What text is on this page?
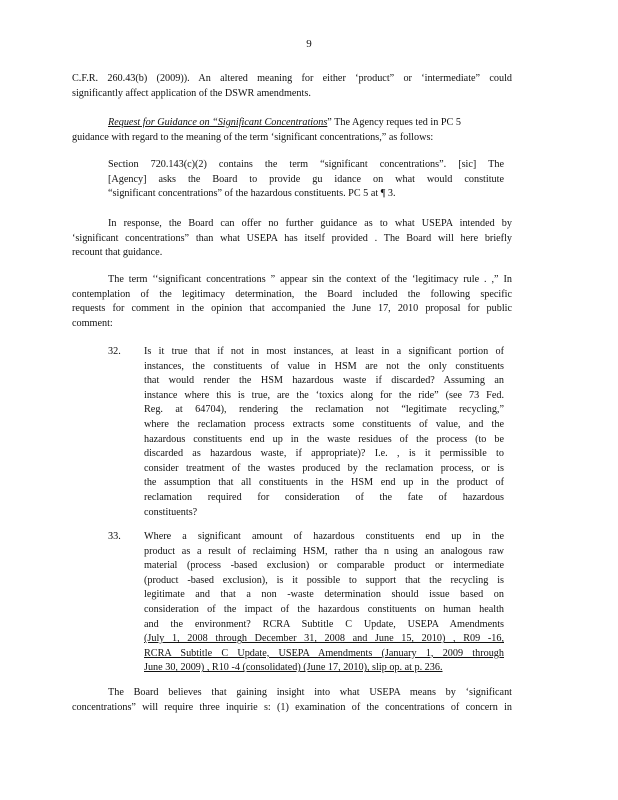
9
C.F.R. 260.43(b) (2009)). An altered meaning for either ‘product” or ‘intermediate” could
significantly affect application of the DSWR amendments.
Request for Guidance on “Significant Concentrations” The Agency reques ted in PC 5
guidance with regard to the meaning of the term ‘significant concentrations,” as follows:
Section 720.143(c)(2) contains the term “significant concentrations”. [sic] The
[Agency] asks the Board to provide gu idance on what would constitute
“significant concentrations” of the hazardous constituents. PC 5 at ¶ 3.
In response, the Board can offer no further guidance as to what USEPA intended by
‘significant concentrations” than what USEPA has itself provided . The Board will here briefly
recount that guidance.
The term ‘‘significant concentrations ” appear sin the context of the ‘legitimacy rule . ,” In
contemplation of the legitimacy determination, the Board included the following specific
requests for comment in the opinion that accompanied the June 17, 2010 proposal for public
comment:
32.	Is it true that if not in most instances, at least in a significant portion of
instances, the constituents of value in HSM are not the only constituents
that would render the HSM hazardous waste if discarded? Assuming an
instance where this is true, are the ‘toxics along for the ride” (see 73 Fed.
Reg. at 64704), rendering the reclamation not “legitimate recycling,”
where the reclamation process extracts some constituents of value, and the
hazardous constituents end up in the waste residues of the process (to be
discarded as hazardous waste, if appropriate)? I.e. , is it permissible to
consider treatment of the wastes produced by the reclamation process, or is
the assumption that all constituents in the HSM end up in the product of
reclamation required for consideration of the fate of hazardous
constituents?
33.	Where a significant amount of hazardous constituents end up in the
product as a result of reclaiming HSM, rather tha n using an analogous raw
material (process -based exclusion) or comparable product or intermediate
(product -based exclusion), is it possible to support that the recycling is
legitimate and that a non -waste determination should issue based on
consideration of the impact of the hazardous constituents on human health
and the environment? RCRA Subtitle C Update, USEPA Amendments
(July 1, 2008 through December 31, 2008 and June 15, 2010) , R09 -16,
RCRA Subtitle C Update, USEPA Amendments (January 1, 2009 through
June 30, 2009) , R10 -4 (consolidated) (June 17, 2010), slip op. at p. 236.
The Board believes that gaining insight into what USEPA means by ‘significant
concentrations” will require three inquirie s: (1) examination of the concentrations of concern in
